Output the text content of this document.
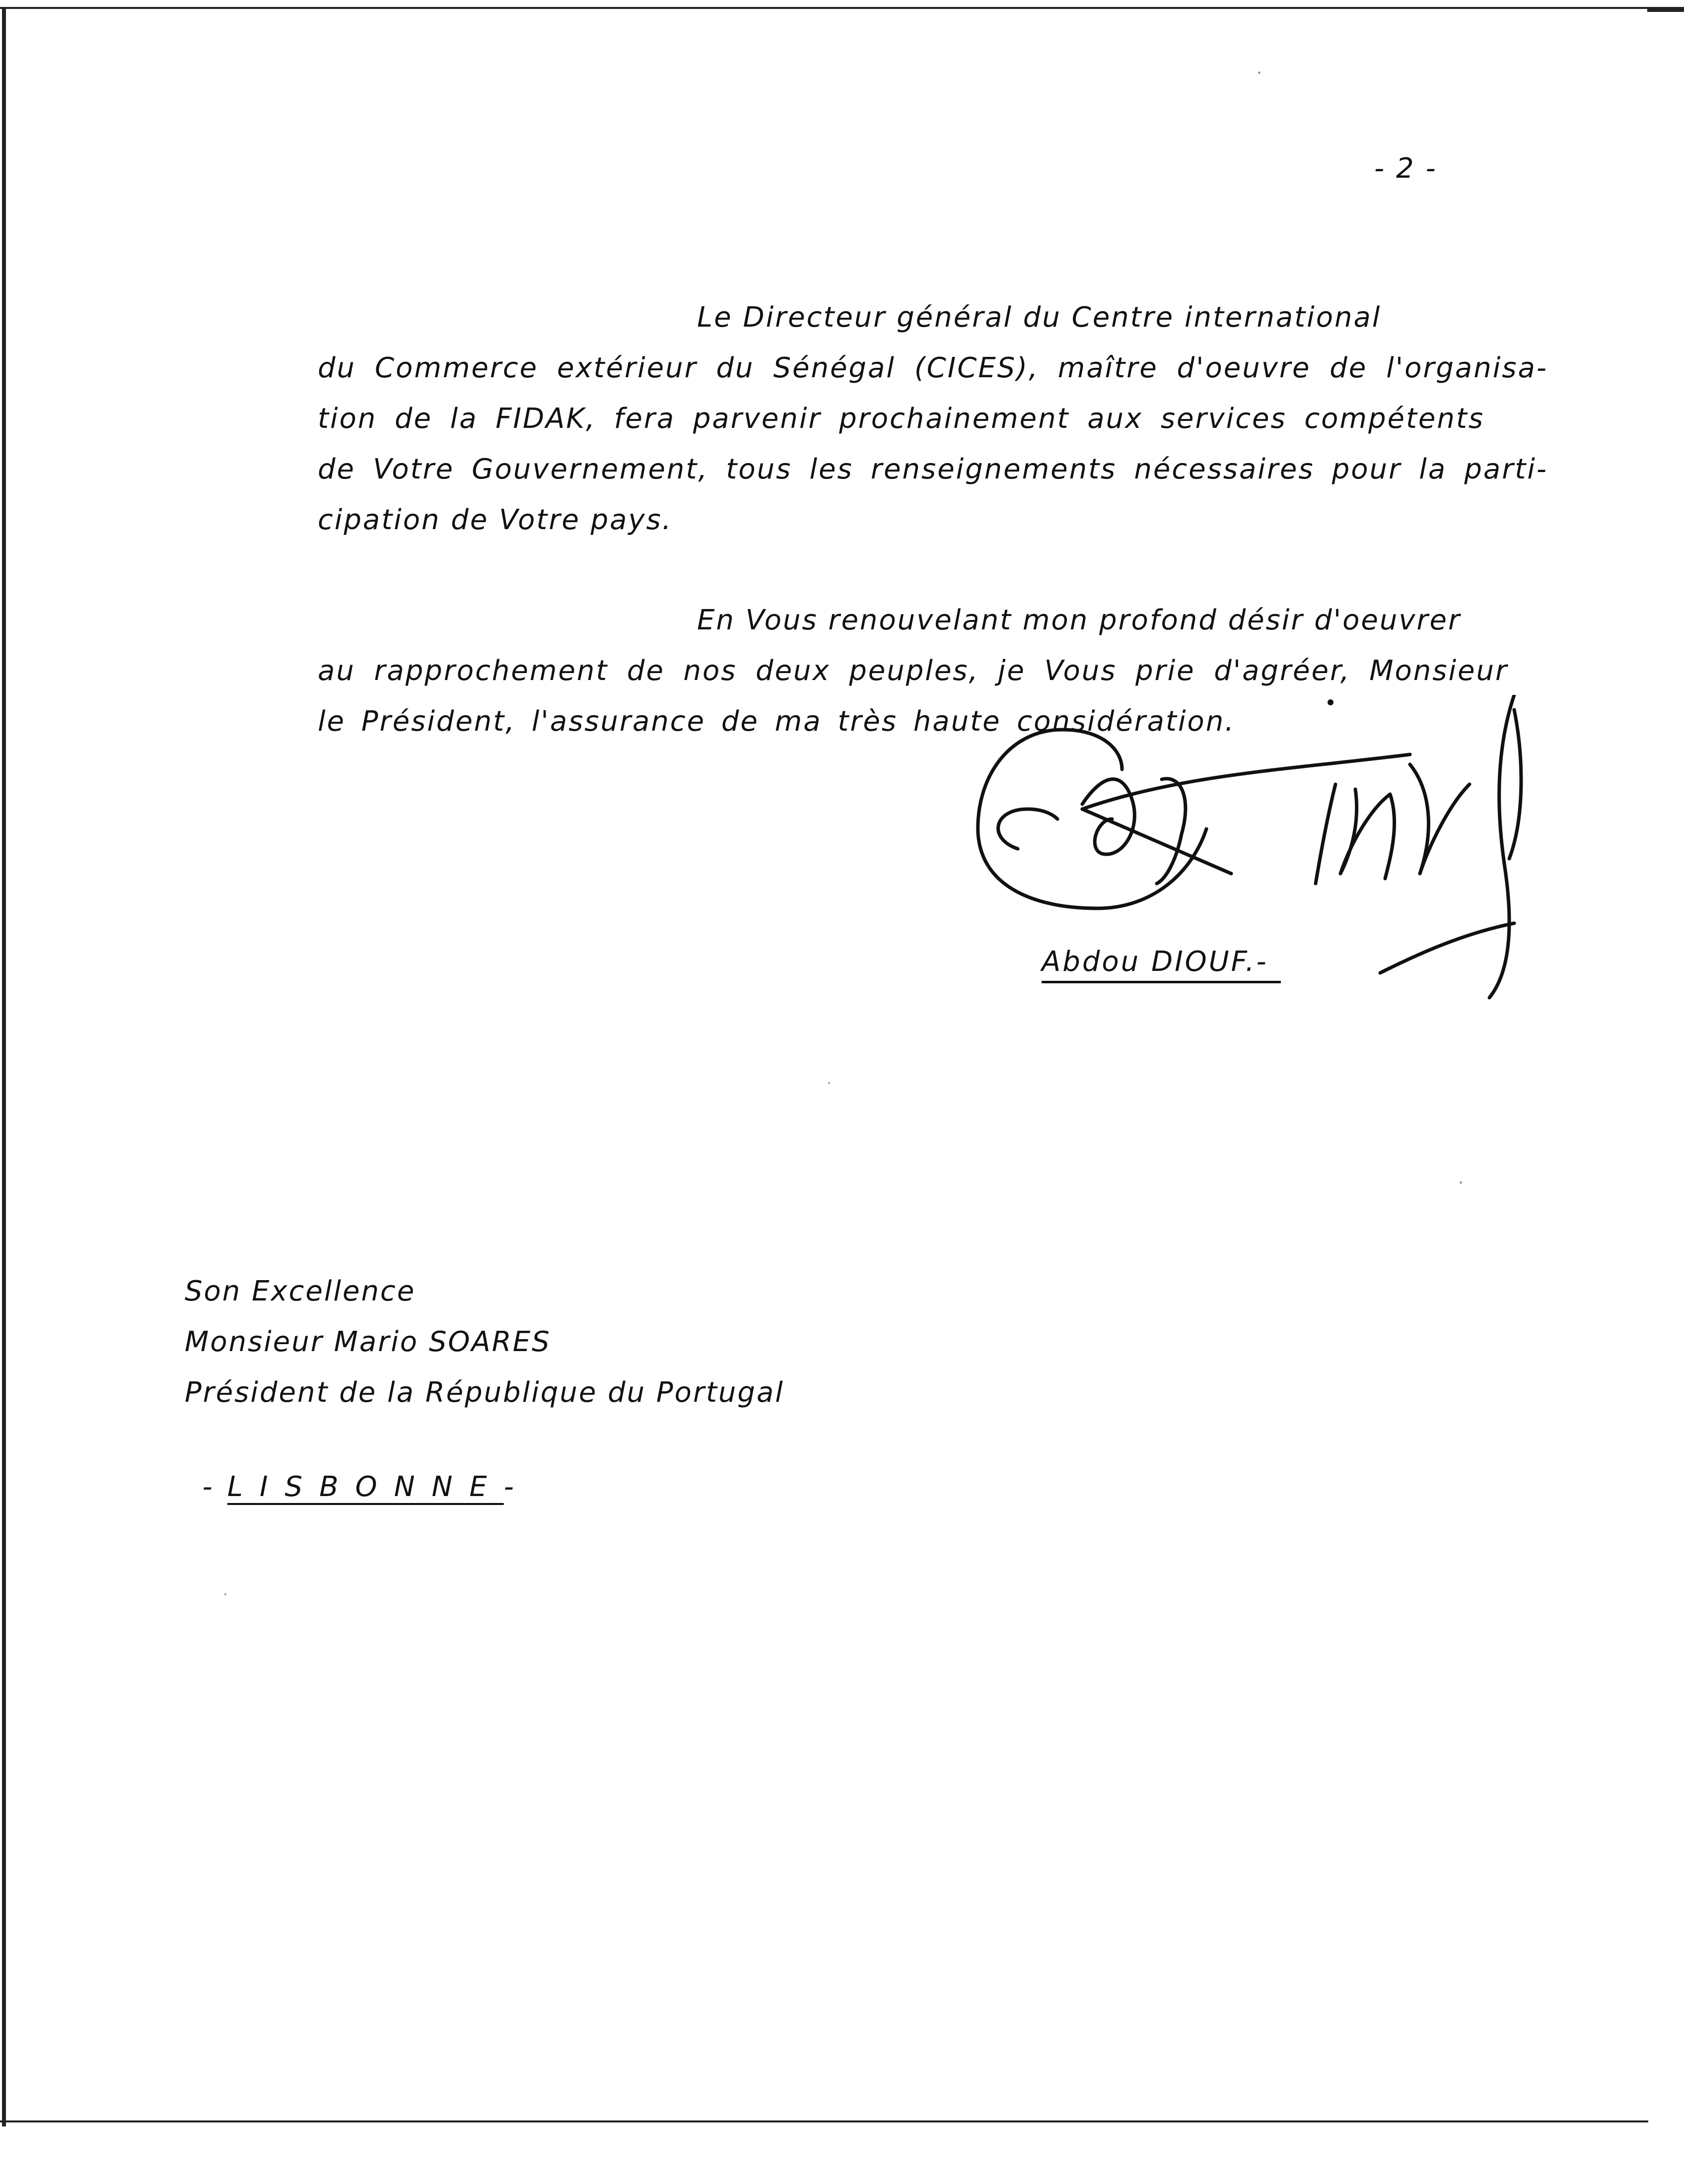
- 2 -
Le Directeur général du Centre international
du Commerce extérieur du Sénégal (CICES), maître d'oeuvre de l'organisa-
tion de la FIDAK, fera parvenir prochainement aux services compétents
de Votre Gouvernement, tous les renseignements nécessaires pour la parti-
cipation de Votre pays.
En Vous renouvelant mon profond désir d'oeuvrer
au rapprochement de nos deux peuples, je Vous prie d'agréer, Monsieur
le Président, l'assurance de ma très haute considération.
Abdou DIOUF.-
Son Excellence
Monsieur Mario SOARES
Président de la République du Portugal

- LISBONNE-
